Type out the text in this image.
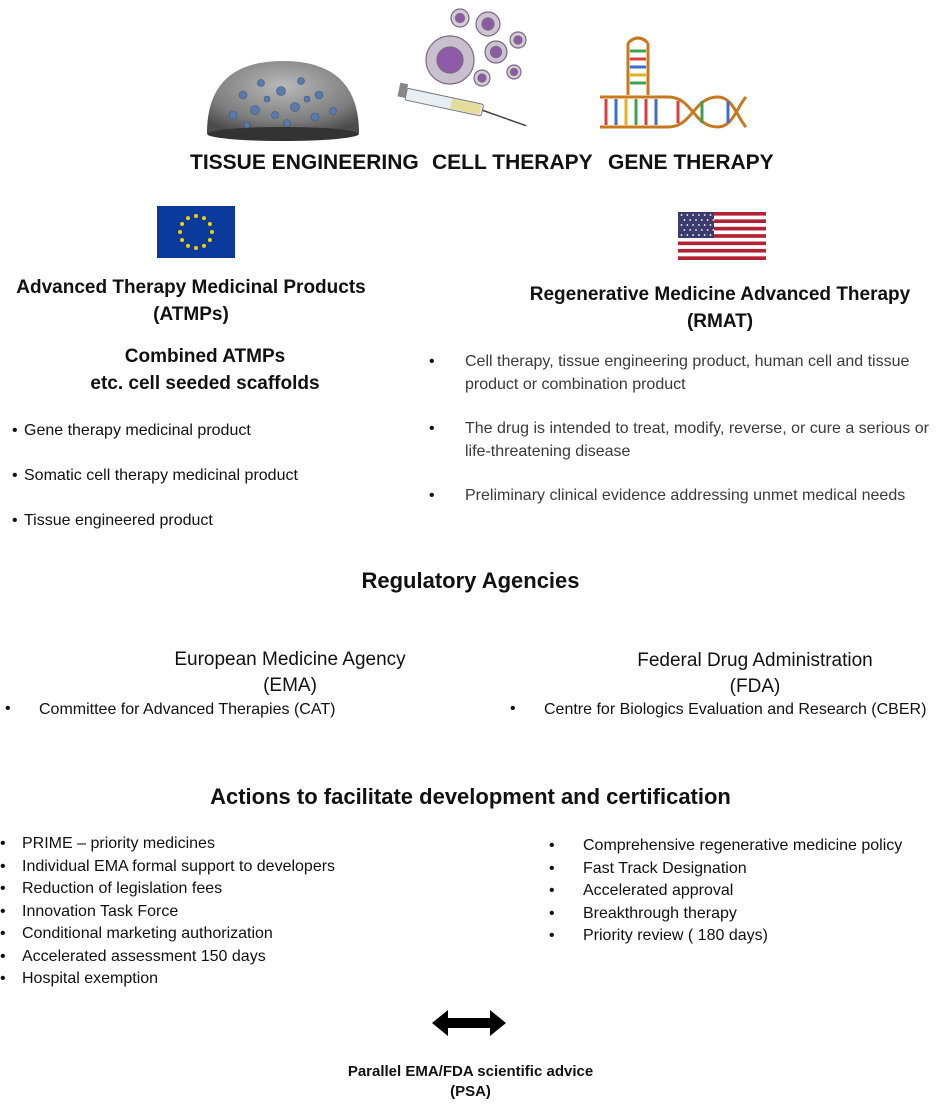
TISSUE ENGINEERING CELL THERAPY GENE THERAPY
Advanced Therapy Medicinal Products
(ATMPs)
Combined ATMPs
etc. cell seeded scaffolds
• Gene therapy medicinal product
• Somatic cell therapy medicinal product
• Tissue engineered product
Regenerative Medicine Advanced Therapy
(RMAT)
• Cell therapy, tissue engineering product, human cell and tissue product or combination product
• The drug is intended to treat, modify, reverse, or cure a serious or life-threatening disease
• Preliminary clinical evidence addressing unmet medical needs
Regulatory Agencies
European Medicine Agency
(EMA)
• Committee for Advanced Therapies (CAT)
Federal Drug Administration
(FDA)
• Centre for Biologics Evaluation and Research (CBER)
Actions to facilitate development and certification
• PRIME – priority medicines
• Individual EMA formal support to developers
• Reduction of legislation fees
• Innovation Task Force
• Conditional marketing authorization
• Accelerated assessment 150 days
• Hospital exemption
• Comprehensive regenerative medicine policy
• Fast Track Designation
• Accelerated approval
• Breakthrough therapy
• Priority review ( 180 days)
Parallel EMA/FDA scientific advice
(PSA)
